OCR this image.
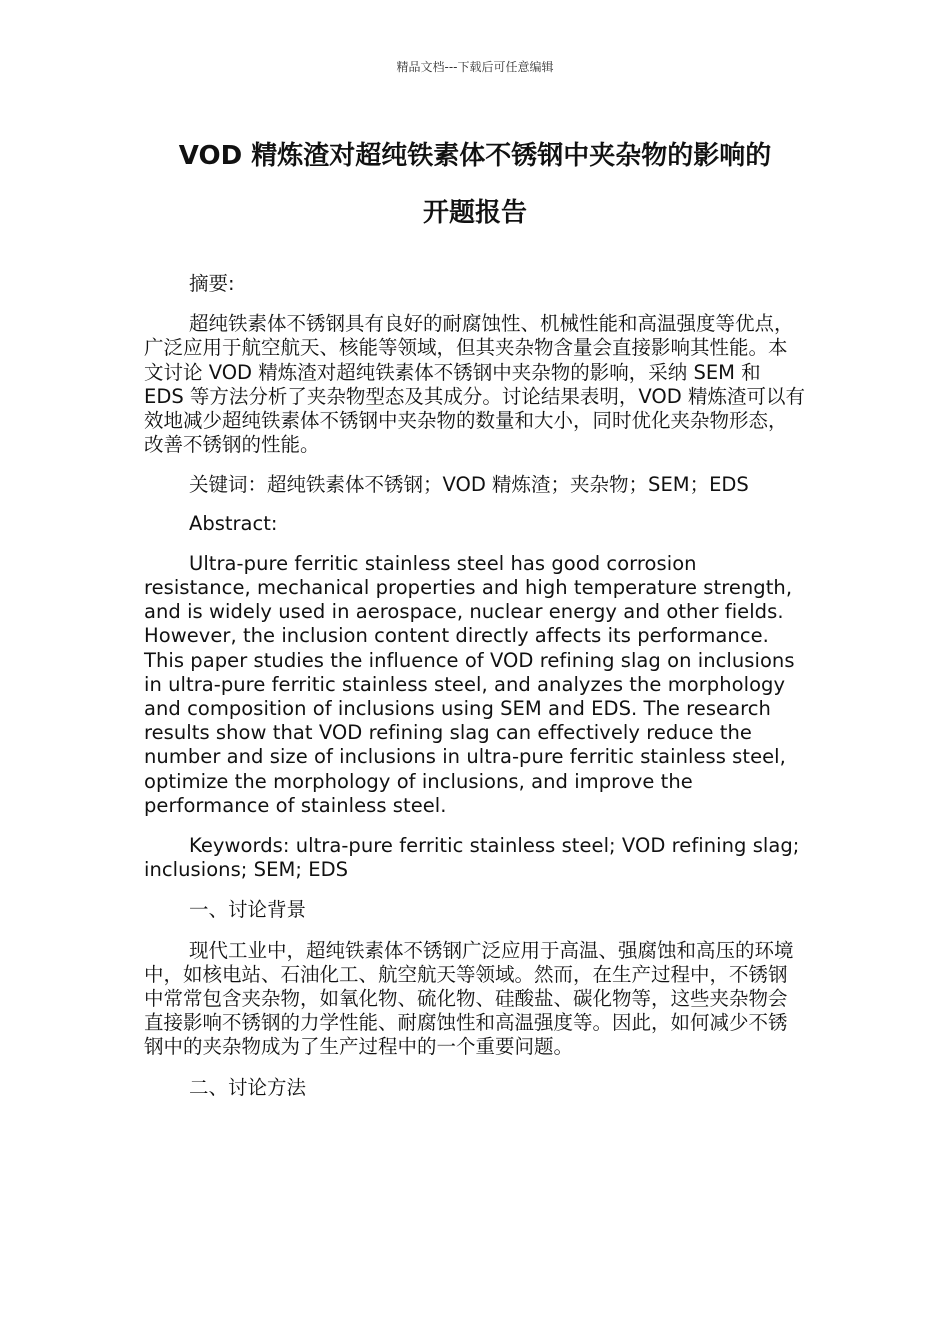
精品文档---下载后可任意编辑
VOD 精炼渣对超纯铁素体不锈钢中夹杂物的影响的
开题报告

摘要:

超纯铁素体不锈钢具有良好的耐腐蚀性、机械性能和高温强度等优点，广泛应用于航空航天、核能等领域，但其夹杂物含量会直接影响其性能。本文讨论 VOD 精炼渣对超纯铁素体不锈钢中夹杂物的影响，采纳 SEM 和 EDS 等方法分析了夹杂物型态及其成分。讨论结果表明，VOD 精炼渣可以有效地减少超纯铁素体不锈钢中夹杂物的数量和大小，同时优化夹杂物形态，改善不锈钢的性能。

关键词：超纯铁素体不锈钢；VOD 精炼渣；夹杂物；SEM；EDS

Abstract:

Ultra-pure ferritic stainless steel has good corrosion resistance, mechanical properties and high temperature strength, and is widely used in aerospace, nuclear energy and other fields. However, the inclusion content directly affects its performance. This paper studies the influence of VOD refining slag on inclusions in ultra-pure ferritic stainless steel, and analyzes the morphology and composition of inclusions using SEM and EDS. The research results show that VOD refining slag can effectively reduce the number and size of inclusions in ultra-pure ferritic stainless steel, optimize the morphology of inclusions, and improve the performance of stainless steel.

Keywords: ultra-pure ferritic stainless steel; VOD refining slag; inclusions; SEM; EDS

一、讨论背景

现代工业中，超纯铁素体不锈钢广泛应用于高温、强腐蚀和高压的环境中，如核电站、石油化工、航空航天等领域。然而，在生产过程中，不锈钢中常常包含夹杂物，如氧化物、硫化物、硅酸盐、碳化物等，这些夹杂物会直接影响不锈钢的力学性能、耐腐蚀性和高温强度等。因此，如何减少不锈钢中的夹杂物成为了生产过程中的一个重要问题。

二、讨论方法
